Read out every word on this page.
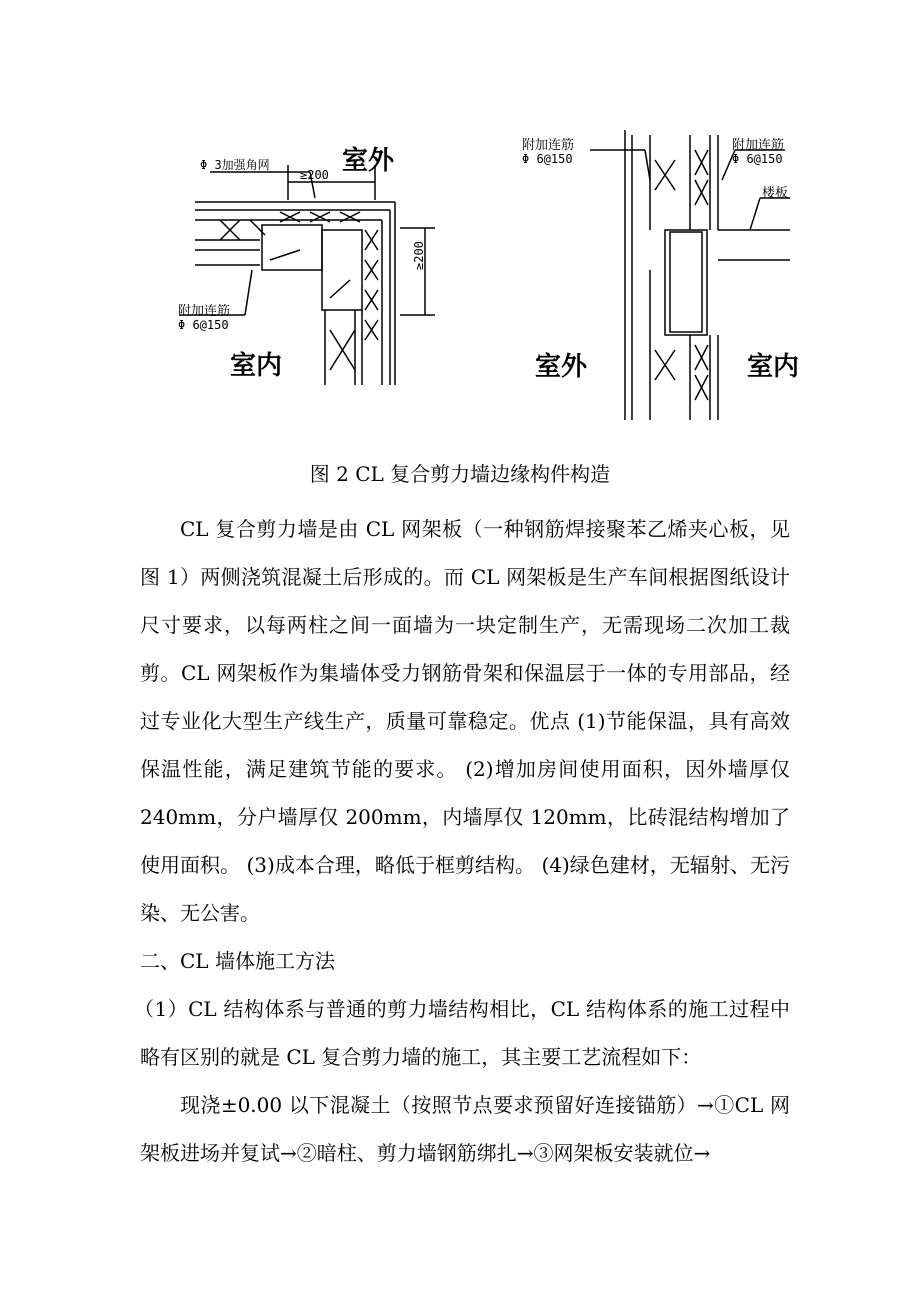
室外
室内
Φ 3加强角网
≥200
≥200
附加连筋
Φ 6@150
室外	室内
附加连筋
Φ 6@150
附加连筋
Φ 6@150
楼板
图 2 CL 复合剪力墙边缘构件构造

CL 复合剪力墙是由 CL 网架板（一种钢筋焊接聚苯乙烯夹心板，见图 1）两侧浇筑混凝土后形成的。而 CL 网架板是生产车间根据图纸设计尺寸要求，以每两柱之间一面墙为一块定制生产，无需现场二次加工裁剪。CL 网架板作为集墙体受力钢筋骨架和保温层于一体的专用部品，经过专业化大型生产线生产，质量可靠稳定。优点 (1)节能保温，具有高效保温性能，满足建筑节能的要求。 (2)增加房间使用面积，因外墙厚仅 240mm，分户墙厚仅 200mm，内墙厚仅 120mm，比砖混结构增加了使用面积。 (3)成本合理，略低于框剪结构。 (4)绿色建材，无辐射、无污染、无公害。

二、CL 墙体施工方法

（1）CL 结构体系与普通的剪力墙结构相比，CL 结构体系的施工过程中略有区别的就是 CL 复合剪力墙的施工，其主要工艺流程如下：

现浇±0.00 以下混凝土（按照节点要求预留好连接锚筋）→①CL 网架板进场并复试→②暗柱、剪力墙钢筋绑扎→③网架板安装就位→
